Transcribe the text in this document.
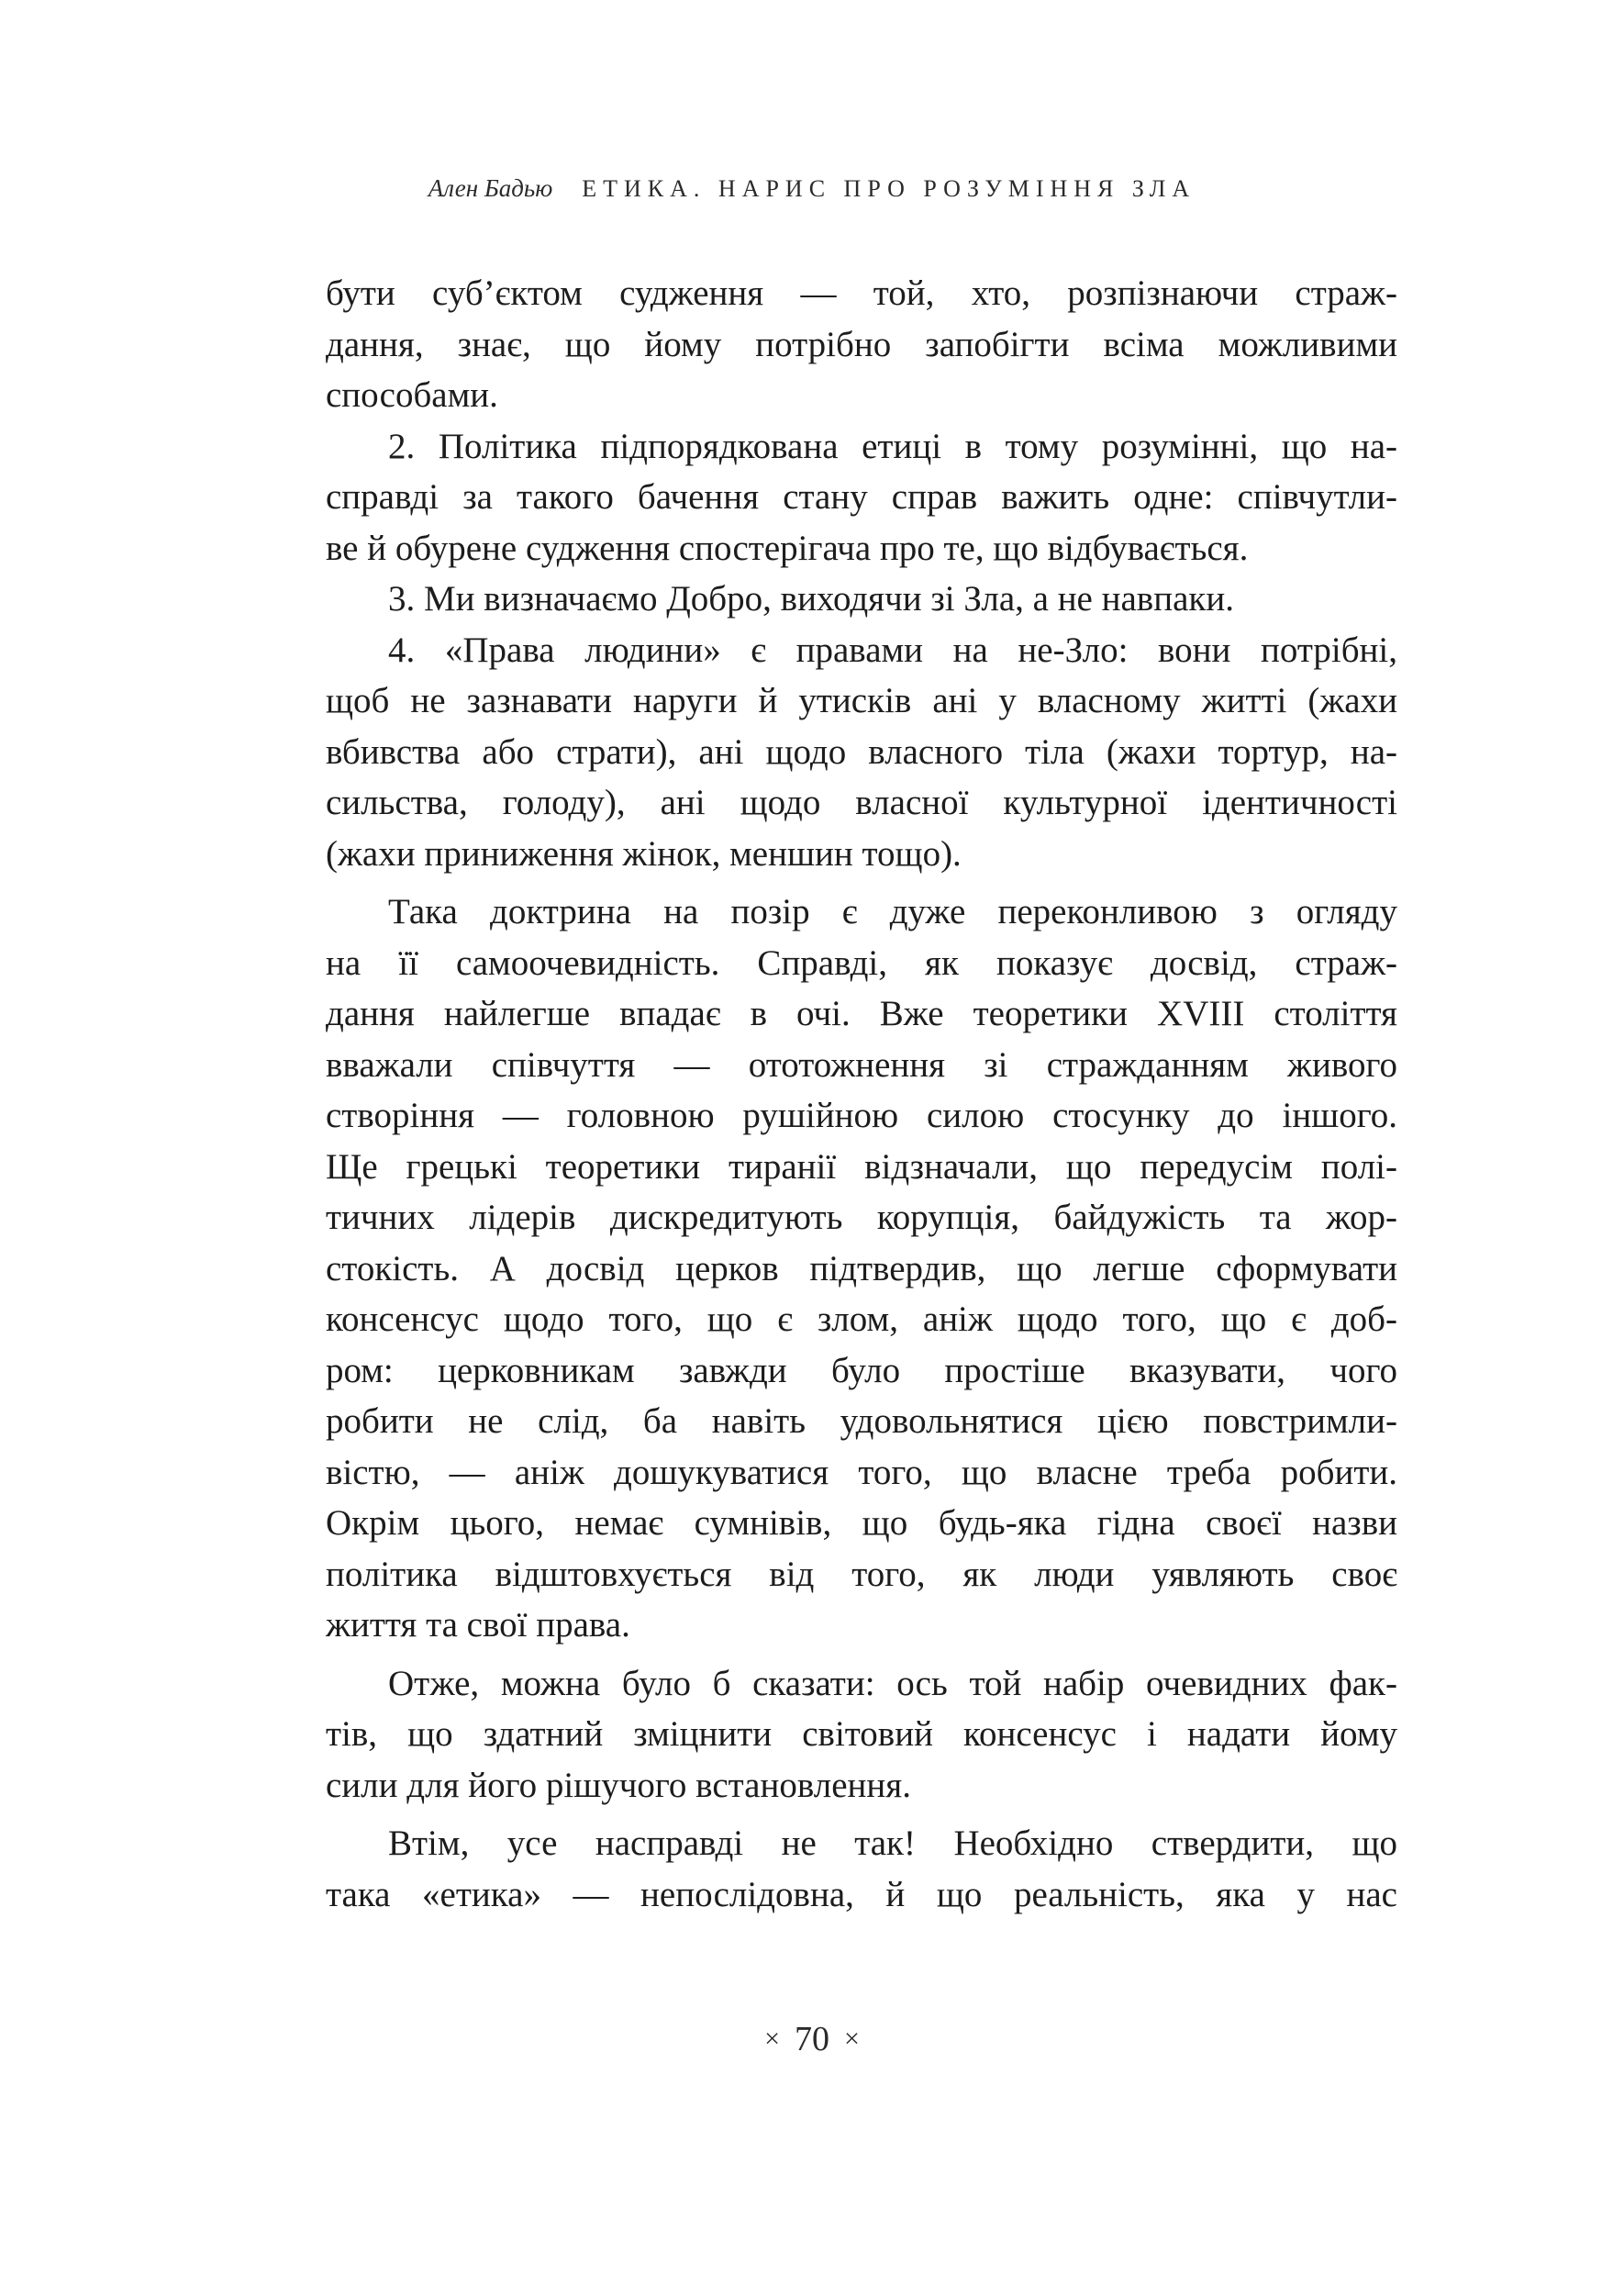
Ален Бадью ЕТИКА. НАРИС ПРО РОЗУМІННЯ ЗЛА
бути суб’єктом судження — той, хто, розпізнаючи страж-
дання, знає, що йому потрібно запобігти всіма можливими
способами.
2. Політика підпорядкована етиці в тому розумінні, що на-
справді за такого бачення стану справ важить одне: співчутли-
ве й обурене судження спостерігача про те, що відбувається.
3. Ми визначаємо Добро, виходячи зі Зла, а не навпаки.
4. «Права людини» є правами на не-Зло: вони потрібні,
щоб не зазнавати наруги й утисків ані у власному житті (жахи
вбивства або страти), ані щодо власного тіла (жахи тортур, на-
сильства, голоду), ані щодо власної культурної ідентичності
(жахи приниження жінок, меншин тощо).
Така доктрина на позір є дуже переконливою з огляду
на її самоочевидність. Справді, як показує досвід, страж-
дання найлегше впадає в очі. Вже теоретики XVIII століття
вважали співчуття — ототожнення зі стражданням живого
створіння — головною рушійною силою стосунку до іншого.
Ще грецькі теоретики тиранії відзначали, що передусім полі-
тичних лідерів дискредитують корупція, байдужість та жор-
стокість. А досвід церков підтвердив, що легше сформувати
консенсус щодо того, що є злом, аніж щодо того, що є доб-
ром: церковникам завжди було простіше вказувати, чого
робити не слід, ба навіть удовольнятися цією повстримли-
вістю, — аніж дошукуватися того, що власне треба робити.
Окрім цього, немає сумнівів, що будь-яка гідна своєї назви
політика відштовхується від того, як люди уявляють своє
життя та свої права.
Отже, можна було б сказати: ось той набір очевидних фак-
тів, що здатний зміцнити світовий консенсус і надати йому
сили для його рішучого встановлення.
Втім, усе насправді не так! Необхідно ствердити, що
така «етика» — непослідовна, й що реальність, яка у нас
× 70 ×
